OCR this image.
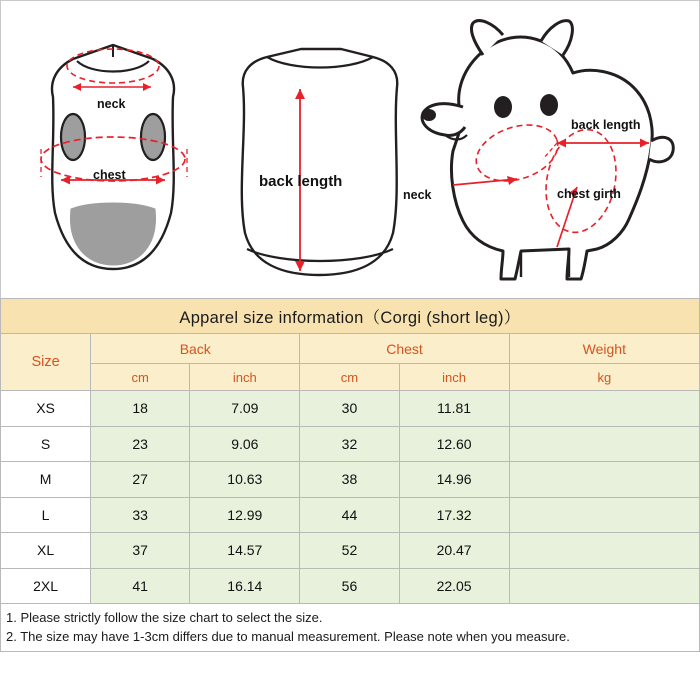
neck
chest	back length
back length
neck	chest girth
Apparel size information（Corgi (short leg)）					
Size	Back		Chest		Weight
	cm	inch	cm	inch	kg
XS	18	7.09	30	11.81	
S	23	9.06	32	12.60	
M	27	10.63	38	14.96	
L	33	12.99	44	17.32	
XL	37	14.57	52	20.47	
2XL	41	16.14	56	22.05	
1. Please strictly follow the size chart to select the size.
2. The size may have 1-3cm differs due to manual measurement. Please note when you measure.
